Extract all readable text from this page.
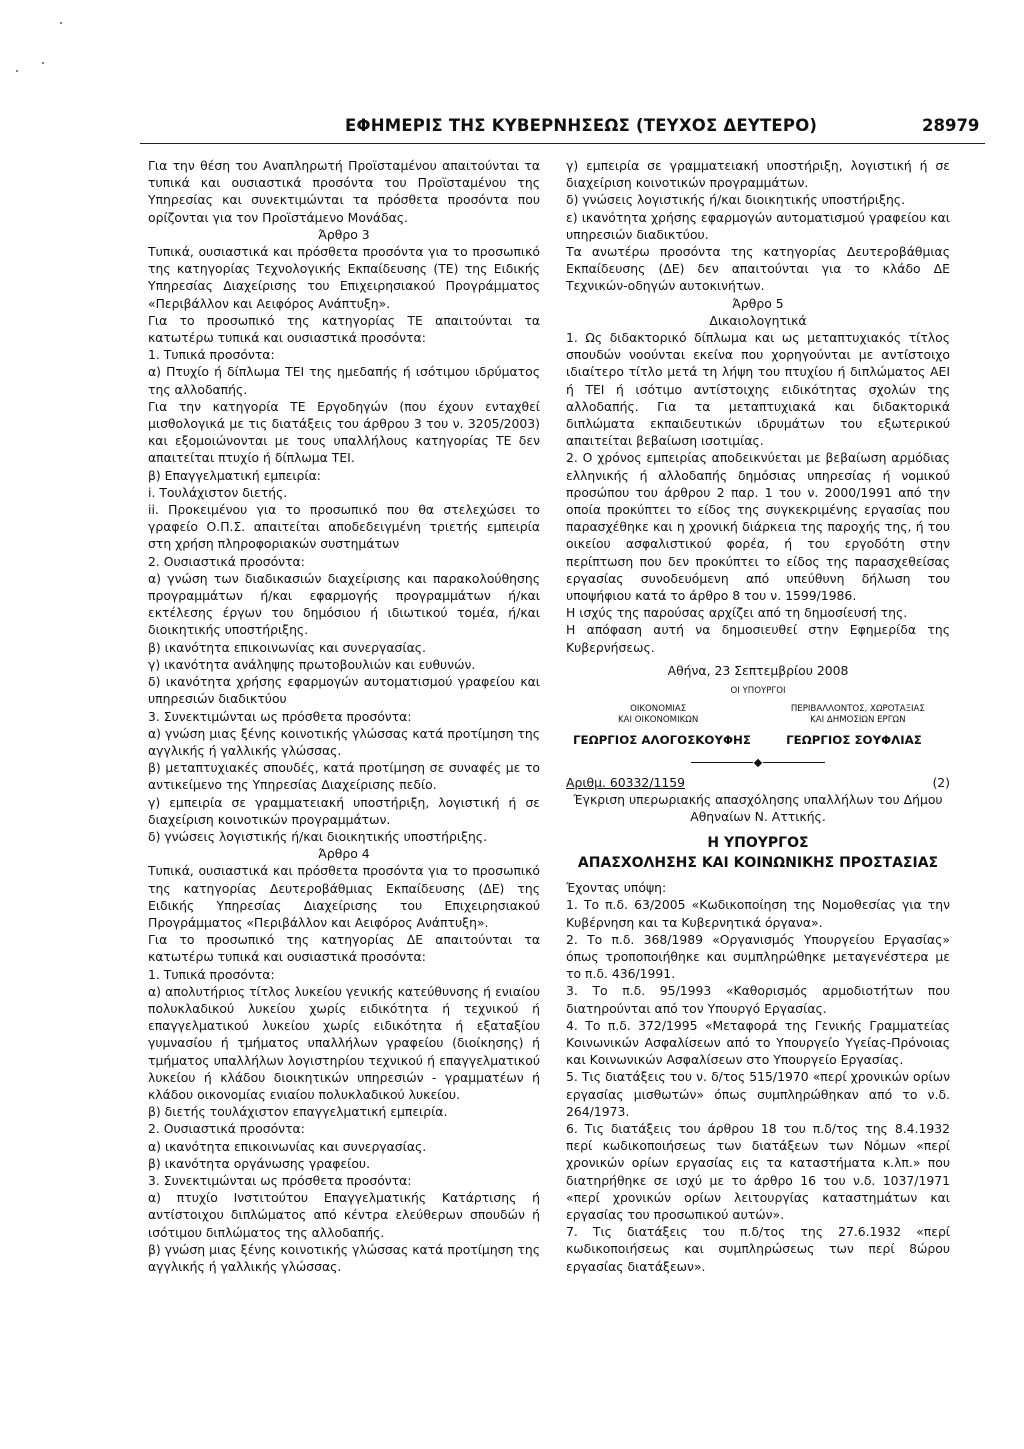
ΕΦΗΜΕΡΙΣ ΤΗΣ ΚΥΒΕΡΝΗΣΕΩΣ (ΤΕΥΧΟΣ ΔΕΥΤΕΡΟ)	28979

Για την θέση του Αναπληρωτή Προϊσταμένου απαιτούνται τα τυπικά και ουσιαστικά προσόντα του Προϊσταμένου της Υπηρεσίας και συνεκτιμώνται τα πρόσθετα προσόντα που ορίζονται για τον Προϊστάμενο Μονάδας.

Άρθρο 3

Τυπικά, ουσιαστικά και πρόσθετα προσόντα για το προσωπικό της κατηγορίας Τεχνολογικής Εκπαίδευσης (ΤΕ) της Ειδικής Υπηρεσίας Διαχείρισης του Επιχειρησιακού Προγράμματος «Περιβάλλον και Αειφόρος Ανάπτυξη».

Για το προσωπικό της κατηγορίας ΤΕ απαιτούνται τα κατωτέρω τυπικά και ουσιαστικά προσόντα:

1. Τυπικά προσόντα:

α) Πτυχίο ή δίπλωμα ΤΕΙ της ημεδαπής ή ισότιμου ιδρύματος της αλλοδαπής.

Για την κατηγορία ΤΕ Εργοδηγών (που έχουν ενταχθεί μισθολογικά με τις διατάξεις του άρθρου 3 του ν. 3205/2003) και εξομοιώνονται με τους υπαλλήλους κατηγορίας ΤΕ δεν απαιτείται πτυχίο ή δίπλωμα ΤΕΙ.

β) Επαγγελματική εμπειρία:

i. Τουλάχιστον διετής.

ii. Προκειμένου για το προσωπικό που θα στελεχώσει το γραφείο Ο.Π.Σ. απαιτείται αποδεδειγμένη τριετής εμπειρία στη χρήση πληροφοριακών συστημάτων

2. Ουσιαστικά προσόντα:

α) γνώση των διαδικασιών διαχείρισης και παρακολούθησης προγραμμάτων ή/και εφαρμογής προγραμμάτων ή/και εκτέλεσης έργων του δημόσιου ή ιδιωτικού τομέα, ή/και διοικητικής υποστήριξης.

β) ικανότητα επικοινωνίας και συνεργασίας.

γ) ικανότητα ανάληψης πρωτοβουλιών και ευθυνών.

δ) ικανότητα χρήσης εφαρμογών αυτοματισμού γραφείου και υπηρεσιών διαδικτύου

3. Συνεκτιμώνται ως πρόσθετα προσόντα:

α) γνώση μιας ξένης κοινοτικής γλώσσας κατά προτίμηση της αγγλικής ή γαλλικής γλώσσας.

β) μεταπτυχιακές σπουδές, κατά προτίμηση σε συναφές με το αντικείμενο της Υπηρεσίας Διαχείρισης πεδίο.

γ) εμπειρία σε γραμματειακή υποστήριξη, λογιστική ή σε διαχείριση κοινοτικών προγραμμάτων.

δ) γνώσεις λογιστικής ή/και διοικητικής υποστήριξης.

Άρθρο 4

Τυπικά, ουσιαστικά και πρόσθετα προσόντα για το προσωπικό της κατηγορίας Δευτεροβάθμιας Εκπαίδευσης (ΔΕ) της Ειδικής Υπηρεσίας Διαχείρισης του Επιχειρησιακού Προγράμματος «Περιβάλλον και Αειφόρος Ανάπτυξη».

Για το προσωπικό της κατηγορίας ΔΕ απαιτούνται τα κατωτέρω τυπικά και ουσιαστικά προσόντα:

1. Τυπικά προσόντα:

α) απολυτήριος τίτλος λυκείου γενικής κατεύθυνσης ή ενιαίου πολυκλαδικού λυκείου χωρίς ειδικότητα ή τεχνικού ή επαγγελματικού λυκείου χωρίς ειδικότητα ή εξαταξίου γυμνασίου ή τμήματος υπαλλήλων γραφείου (διοίκησης) ή τμήματος υπαλλήλων λογιστηρίου τεχνικού ή επαγγελματικού λυκείου ή κλάδου διοικητικών υπηρεσιών - γραμματέων ή κλάδου οικονομίας ενιαίου πολυκλαδικού λυκείου.

β) διετής τουλάχιστον επαγγελματική εμπειρία.

2. Ουσιαστικά προσόντα:

α) ικανότητα επικοινωνίας και συνεργασίας.

β) ικανότητα οργάνωσης γραφείου.

3. Συνεκτιμώνται ως πρόσθετα προσόντα:

α) πτυχίο Ινστιτούτου Επαγγελματικής Κατάρτισης ή αντίστοιχου διπλώματος από κέντρα ελεύθερων σπουδών ή ισότιμου διπλώματος της αλλοδαπής.

β) γνώση μιας ξένης κοινοτικής γλώσσας κατά προτίμηση της αγγλικής ή γαλλικής γλώσσας.

γ) εμπειρία σε γραμματειακή υποστήριξη, λογιστική ή σε διαχείριση κοινοτικών προγραμμάτων.

δ) γνώσεις λογιστικής ή/και διοικητικής υποστήριξης.

ε) ικανότητα χρήσης εφαρμογών αυτοματισμού γραφείου και υπηρεσιών διαδικτύου.

Τα ανωτέρω προσόντα της κατηγορίας Δευτεροβάθμιας Εκπαίδευσης (ΔΕ) δεν απαιτούνται για το κλάδο ΔΕ Τεχνικών-οδηγών αυτοκινήτων.

Άρθρο 5

Δικαιολογητικά

1. Ως διδακτορικό δίπλωμα και ως μεταπτυχιακός τίτλος σπουδών νοούνται εκείνα που χορηγούνται με αντίστοιχο ιδιαίτερο τίτλο μετά τη λήψη του πτυχίου ή διπλώματος ΑΕΙ ή ΤΕΙ ή ισότιμο αντίστοιχης ειδικότητας σχολών της αλλοδαπής. Για τα μεταπτυχιακά και διδακτορικά διπλώματα εκπαιδευτικών ιδρυμάτων του εξωτερικού απαιτείται βεβαίωση ισοτιμίας.

2. Ο χρόνος εμπειρίας αποδεικνύεται με βεβαίωση αρμόδιας ελληνικής ή αλλοδαπής δημόσιας υπηρεσίας ή νομικού προσώπου του άρθρου 2 παρ. 1 του ν. 2000/1991 από την οποία προκύπτει το είδος της συγκεκριμένης εργασίας που παρασχέθηκε και η χρονική διάρκεια της παροχής της, ή του οικείου ασφαλιστικού φορέα, ή του εργοδότη στην περίπτωση που δεν προκύπτει το είδος της παρασχεθείσας εργασίας συνοδευόμενη από υπεύθυνη δήλωση του υποψήφιου κατά το άρθρο 8 του ν. 1599/1986.

Η ισχύς της παρούσας αρχίζει από τη δημοσίευσή της.

Η απόφαση αυτή να δημοσιευθεί στην Εφημερίδα της Κυβερνήσεως.

Αθήνα, 23 Σεπτεμβρίου 2008

ΟΙ ΥΠΟΥΡΓΟΙ

ΟΙΚΟΝΟΜΙΑΣ
ΚΑΙ ΟΙΚΟΝΟΜΙΚΩΝ
ΠΕΡΙΒΑΛΛΟΝΤΟΣ, ΧΩΡΟΤΑΞΙΑΣ
ΚΑΙ ΔΗΜΟΣΙΩΝ ΕΡΓΩΝ
ΓΕΩΡΓΙΟΣ ΑΛΟΓΟΣΚΟΥΦΗΣ	ΓΕΩΡΓΙΟΣ ΣΟΥΦΛΙΑΣ
Αριθμ. 60332/1159	(2)

Έγκριση υπερωριακής απασχόλησης υπαλλήλων του Δήμου Αθηναίων Ν. Αττικής.

Η ΥΠΟΥΡΓΟΣ
ΑΠΑΣΧΟΛΗΣΗΣ ΚΑΙ ΚΟΙΝΩΝΙΚΗΣ ΠΡΟΣΤΑΣΙΑΣ

Έχοντας υπόψη:

1. Το π.δ. 63/2005 «Κωδικοποίηση της Νομοθεσίας για την Κυβέρνηση και τα Κυβερνητικά όργανα».

2. Το π.δ. 368/1989 «Οργανισμός Υπουργείου Εργασίας» όπως τροποποιήθηκε και συμπληρώθηκε μεταγενέστερα με το π.δ. 436/1991.

3. Το π.δ. 95/1993 «Καθορισμός αρμοδιοτήτων που διατηρούνται από τον Υπουργό Εργασίας.

4. Το π.δ. 372/1995 «Μεταφορά της Γενικής Γραμματείας Κοινωνικών Ασφαλίσεων από το Υπουργείο Υγείας-Πρόνοιας και Κοινωνικών Ασφαλίσεων στο Υπουργείο Εργασίας.

5. Τις διατάξεις του ν. δ/τος 515/1970 «περί χρονικών ορίων εργασίας μισθωτών» όπως συμπληρώθηκαν από το ν.δ. 264/1973.

6. Τις διατάξεις του άρθρου 18 του π.δ/τος της 8.4.1932 περί κωδικοποιήσεως των διατάξεων των Νόμων «περί χρονικών ορίων εργασίας εις τα καταστήματα κ.λπ.» που διατηρήθηκε σε ισχύ με το άρθρο 16 του ν.δ. 1037/1971 «περί χρονικών ορίων λειτουργίας καταστημάτων και εργασίας του προσωπικού αυτών».

7. Τις διατάξεις του π.δ/τος της 27.6.1932 «περί κωδικοποιήσεως και συμπληρώσεως των περί 8ώρου εργασίας διατάξεων».
